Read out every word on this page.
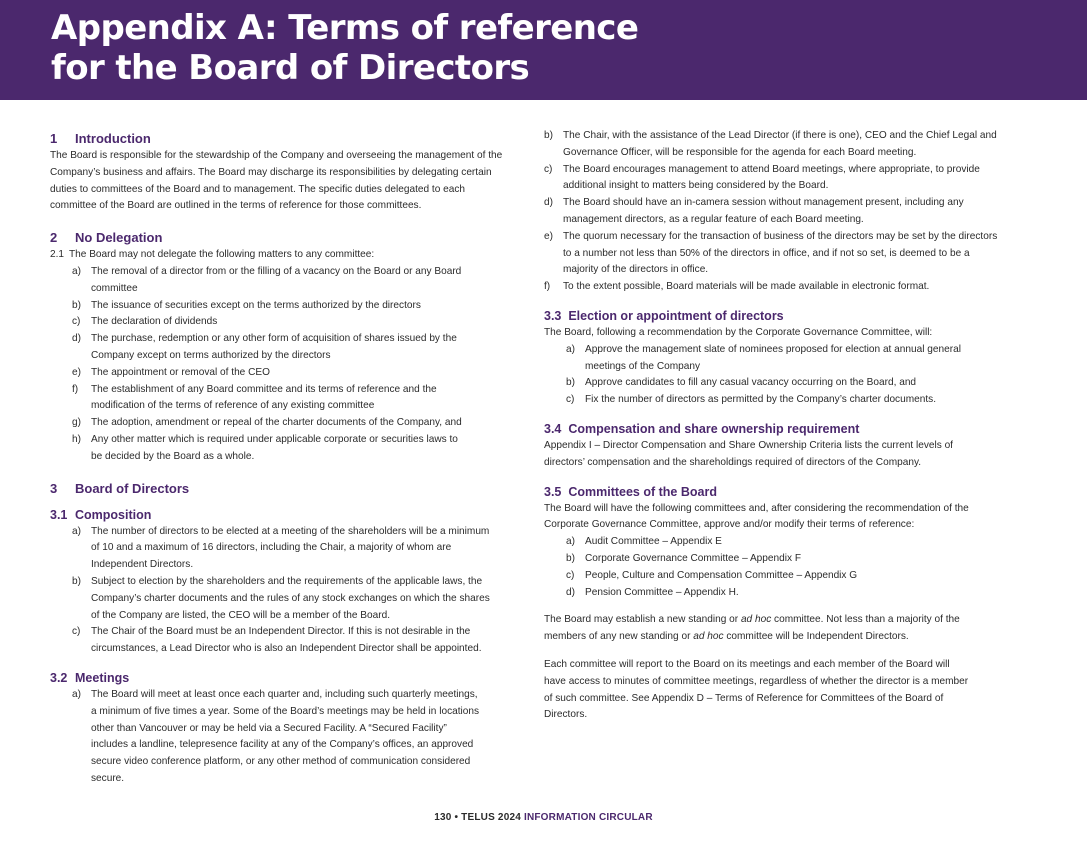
Appendix A: Terms of reference
for the Board of Directors
1	Introduction

The Board is responsible for the stewardship of the Company and overseeing the management of the Company’s business and affairs. The Board may discharge its responsibilities by delegating certain duties to committees of the Board and to management. The specific duties delegated to each committee of the Board are outlined in the terms of reference for those committees.

2	No Delegation
2.1 The Board may not delegate the following matters to any committee:
a) The removal of a director from or the filling of a vacancy on the Board or any Board committee
b) The issuance of securities except on the terms authorized by the directors
c)	The declaration of dividends
d) The purchase, redemption or any other form of acquisition of shares issued by the Company except on terms authorized by the directors
e) The appointment or removal of the CEO
f)	The establishment of any Board committee and its terms of reference and the modification of the terms of reference of any existing committee
g) The adoption, amendment or repeal of the charter documents of the Company, and
h) Any other matter which is required under applicable corporate or securities laws to be decided by the Board as a whole.
3	Board of Directors
3.1 Composition
a) The number of directors to be elected at a meeting of the shareholders will be a minimum of 10 and a maximum of 16 directors, including the Chair, a majority of whom are Independent Directors.
b) Subject to election by the shareholders and the requirements of the applicable laws, the Company’s charter documents and the rules of any stock exchanges on which the shares of the Company are listed, the CEO will be a member of the Board.
c)	The Chair of the Board must be an Independent Director. If this is not desirable in the circumstances, a Lead Director who is also an Independent Director shall be appointed.
3.2 Meetings
a) The Board will meet at least once each quarter and, including such quarterly meetings, a minimum of five times a year. Some of the Board’s meetings may be held in locations other than Vancouver or may be held via a Secured Facility. A “Secured Facility” includes a landline, telepresence facility at any of the Company’s offices, an approved secure video conference platform, or any other method of communication considered secure.
b) The Chair, with the assistance of the Lead Director (if there is one), CEO and the Chief Legal and Governance Officer, will be responsible for the agenda for each Board meeting.
c)	The Board encourages management to attend Board meetings, where appropriate, to provide additional insight to matters being considered by the Board.
d) The Board should have an in-camera session without management present, including any management directors, as a regular feature of each Board meeting.
e) The quorum necessary for the transaction of business of the directors may be set by the directors to a number not less than 50% of the directors in office, and if not so set, is deemed to be a majority of the directors in office.
f)	To the extent possible, Board materials will be made available in electronic format.
3.3 Election or appointment of directors

The Board, following a recommendation by the Corporate Governance Committee, will:

a) Approve the management slate of nominees proposed for election at annual general meetings of the Company
b) Approve candidates to fill any casual vacancy occurring on the Board, and
c)	Fix the number of directors as permitted by the Company’s charter documents.
3.4 Compensation and share ownership requirement

Appendix I – Director Compensation and Share Ownership Criteria lists the current levels of directors’ compensation and the shareholdings required of directors of the Company.

3.5 Committees of the Board

The Board will have the following committees and, after considering the recommendation of the Corporate Governance Committee, approve and/or modify their terms of reference:

a) Audit Committee – Appendix E
b) Corporate Governance Committee – Appendix F
c)	People, Culture and Compensation Committee – Appendix G
d) Pension Committee – Appendix H.

The Board may establish a new standing or ad hoc committee. Not less than a majority of the members of any new standing or ad hoc committee will be Independent Directors.

Each committee will report to the Board on its meetings and each member of the Board will have access to minutes of committee meetings, regardless of whether the director is a member of such committee. See Appendix D – Terms of Reference for Committees of the Board of Directors.

130 • TELUS 2024 INFORMATION CIRCULAR
